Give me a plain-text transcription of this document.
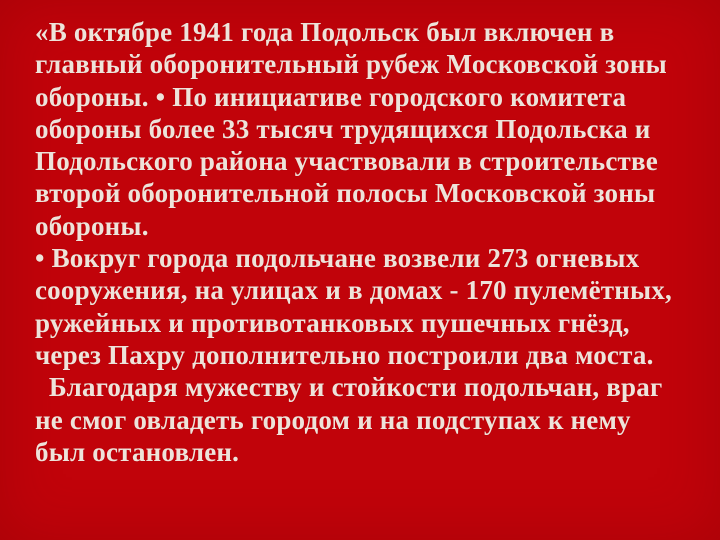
«В октябре 1941 года Подольск был включен в
главный оборонительный рубеж Московской зоны
обороны. • По инициативе городского комитета
обороны более 33 тысяч трудящихся Подольска и
Подольского района участвовали в строительстве
второй оборонительной полосы Московской зоны
обороны.
• Вокруг города подольчане возвели 273 огневых
сооружения, на улицах и в домах - 170 пулемётных,
ружейных и противотанковых пушечных гнёзд,
через Пахру дополнительно построили два моста.
Благодаря мужеству и стойкости подольчан, враг
не смог овладеть городом и на подступах к нему
был остановлен.
